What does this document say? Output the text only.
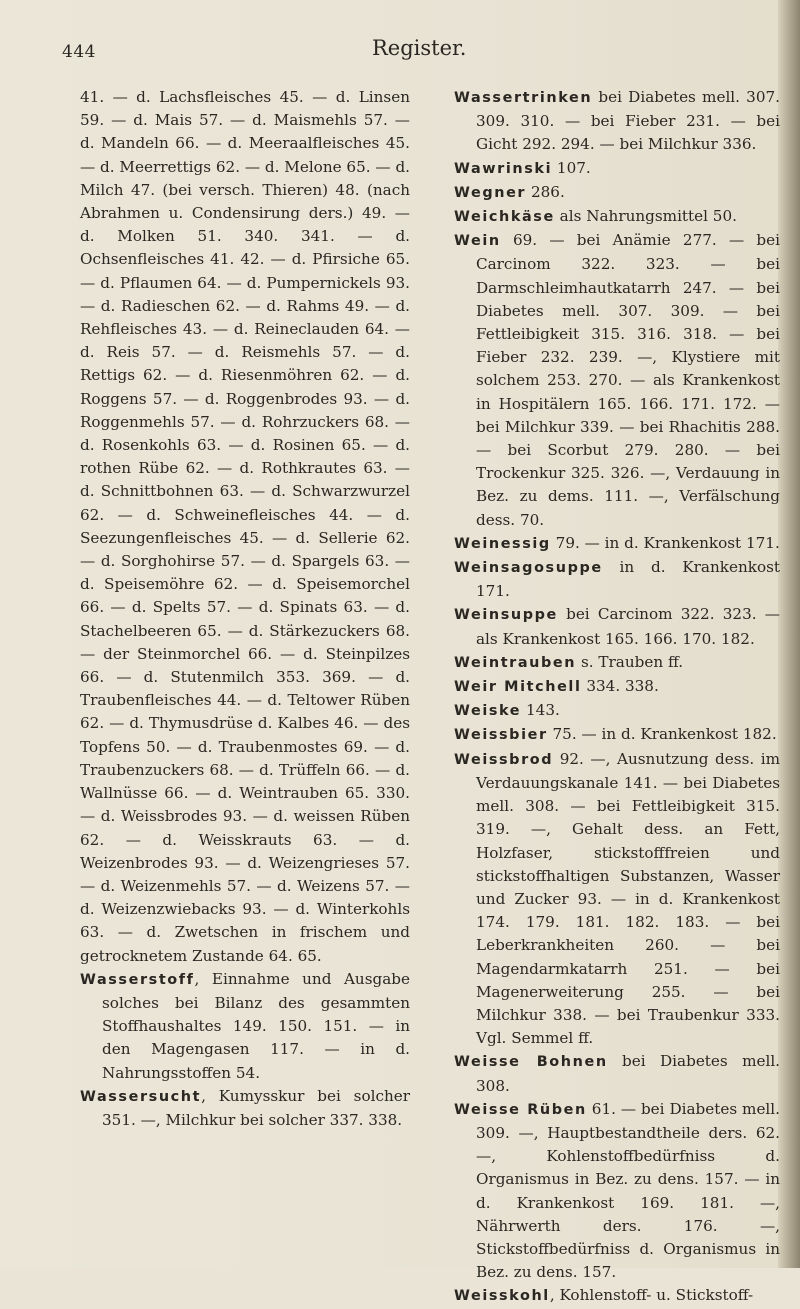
444	Register.

41. — d. Lachsfleisches 45. — d. Linsen 59. — d. Mais 57. — d. Maismehls 57. — d. Mandeln 66. — d. Meeraalfleisches 45. — d. Meerrettigs 62. — d. Melone 65. — d. Milch 47. (bei versch. Thieren) 48. (nach Abrahmen u. Condensirung ders.) 49. — d. Molken 51. 340. 341. — d. Ochsenfleisches 41. 42. — d. Pfirsiche 65. — d. Pflaumen 64. — d. Pumpernickels 93. — d. Radieschen 62. — d. Rahms 49. — d. Rehfleisches 43. — d. Reineclauden 64. — d. Reis 57. — d. Reismehls 57. — d. Rettigs 62. — d. Riesenmöhren 62. — d. Roggens 57. — d. Roggenbrodes 93. — d. Roggenmehls 57. — d. Rohrzuckers 68. — d. Rosenkohls 63. — d. Rosinen 65. — d. rothen Rübe 62. — d. Rothkrautes 63. — d. Schnittbohnen 63. — d. Schwarzwurzel 62. — d. Schweinefleisches 44. — d. Seezungenfleisches 45. — d. Sellerie 62. — d. Sorghohirse 57. — d. Spargels 63. — d. Speisemöhre 62. — d. Speisemorchel 66. — d. Spelts 57. — d. Spinats 63. — d. Stachelbeeren 65. — d. Stärkezuckers 68. — der Steinmorchel 66. — d. Steinpilzes 66. — d. Stutenmilch 353. 369. — d. Traubenfleisches 44. — d. Teltower Rüben 62. — d. Thymusdrüse d. Kalbes 46. — des Topfens 50. — d. Traubenmostes 69. — d. Traubenzuckers 68. — d. Trüffeln 66. — d. Wallnüsse 66. — d. Weintrauben 65. 330. — d. Weissbrodes 93. — d. weissen Rüben 62. — d. Weisskrauts 63. — d. Weizenbrodes 93. — d. Weizengrieses 57. — d. Weizenmehls 57. — d. Weizens 57. — d. Weizenzwiebacks 93. — d. Winterkohls 63. — d. Zwetschen in frischem und getrocknetem Zustande 64. 65.

Wasserstoff, Einnahme und Ausgabe solches bei Bilanz des gesammten Stoffhaushaltes 149. 150. 151. — in den Magengasen 117. — in d. Nahrungsstoffen 54.

Wassersucht, Kumysskur bei solcher 351. —, Milchkur bei solcher 337. 338.

Wassertrinken bei Diabetes mell. 307. 309. 310. — bei Fieber 231. — bei Gicht 292. 294. — bei Milchkur 336.

Wawrinski 107.

Wegner 286.

Weichkäse als Nahrungsmittel 50.

Wein 69. — bei Anämie 277. — bei Carcinom 322. 323. — bei Darmschleimhautkatarrh 247. — bei Diabetes mell. 307. 309. — bei Fettleibigkeit 315. 316. 318. — bei Fieber 232. 239. —, Klystiere mit solchem 253. 270. — als Krankenkost in Hospitälern 165. 166. 171. 172. — bei Milchkur 339. — bei Rhachitis 288. — bei Scorbut 279. 280. — bei Trockenkur 325. 326. —, Verdauung in Bez. zu dems. 111. —, Verfälschung dess. 70.

Weinessig 79. — in d. Krankenkost 171.

Weinsagosuppe in d. Krankenkost 171.

Weinsuppe bei Carcinom 322. 323. — als Krankenkost 165. 166. 170. 182.

Weintrauben s. Trauben ff.

Weir Mitchell 334. 338.

Weiske 143.

Weissbier 75. — in d. Krankenkost 182.

Weissbrod 92. —, Ausnutzung dess. im Verdauungskanale 141. — bei Diabetes mell. 308. — bei Fettleibigkeit 315. 319. —, Gehalt dess. an Fett, Holzfaser, stickstofffreien und stickstoffhaltigen Substanzen, Wasser und Zucker 93. — in d. Krankenkost 174. 179. 181. 182. 183. — bei Leberkrankheiten 260. — bei Magendarmkatarrh 251. — bei Magenerweiterung 255. — bei Milchkur 338. — bei Traubenkur 333. Vgl. Semmel ff.

Weisse Bohnen bei Diabetes mell. 308.

Weisse Rüben 61. — bei Diabetes mell. 309. —, Hauptbestandtheile ders. 62. —, Kohlenstoffbedürfniss d. Organismus in Bez. zu dens. 157. — in d. Krankenkost 169. 181. —, Nährwerth ders. 176. —, Stickstoffbedürfniss d. Organismus in Bez. zu dens. 157.

Weisskohl, Kohlenstoff- u. Stickstoff-
